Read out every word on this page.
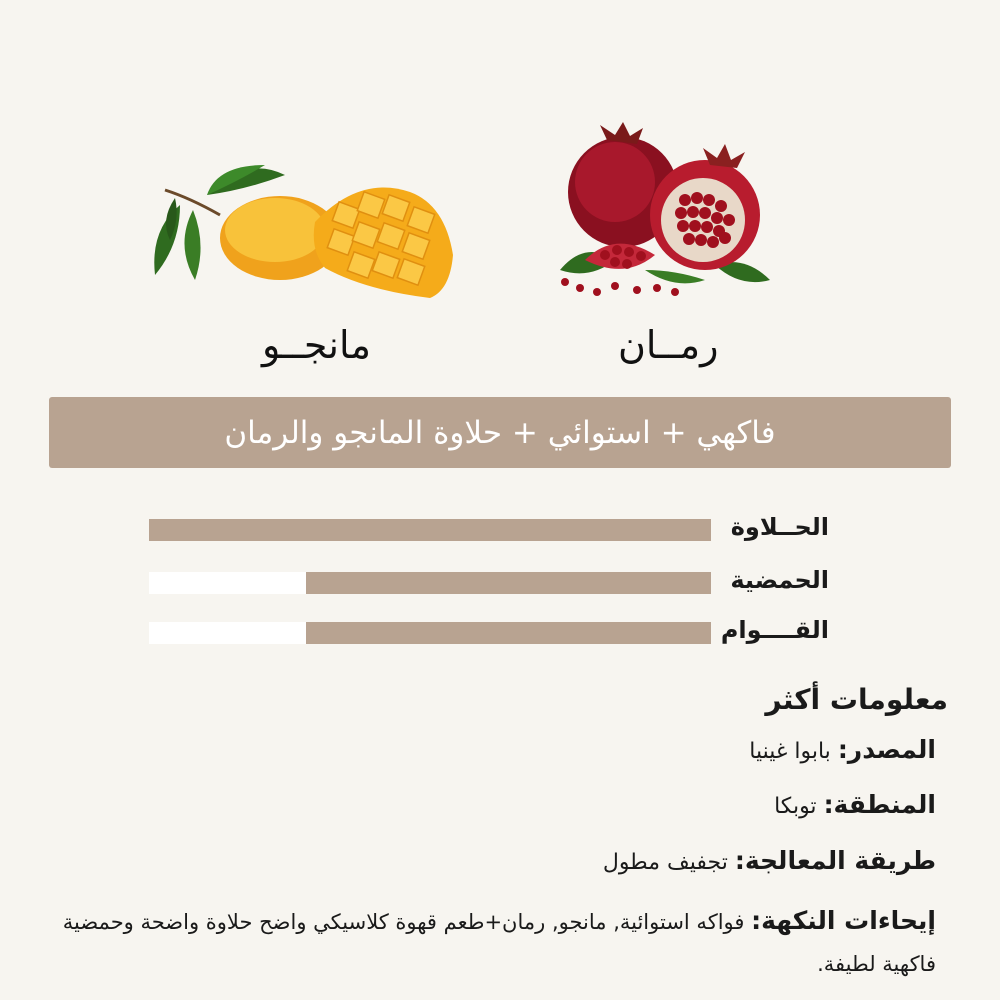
مانجــو	رمــان
فاكهي + استوائي + حلاوة المانجو والرمان
الحــلاوة
الحمضية
القــــوام
معلومات أكثر
المصدر: بابوا غينيا
المنطقة: توبكا
طريقة المعالجة: تجفيف مطول
إيحاءات النكهة: فواكه استوائية, مانجو, رمان+طعم قهوة كلاسيكي واضح حلاوة واضحة وحمضية فاكهية لطيفة.
